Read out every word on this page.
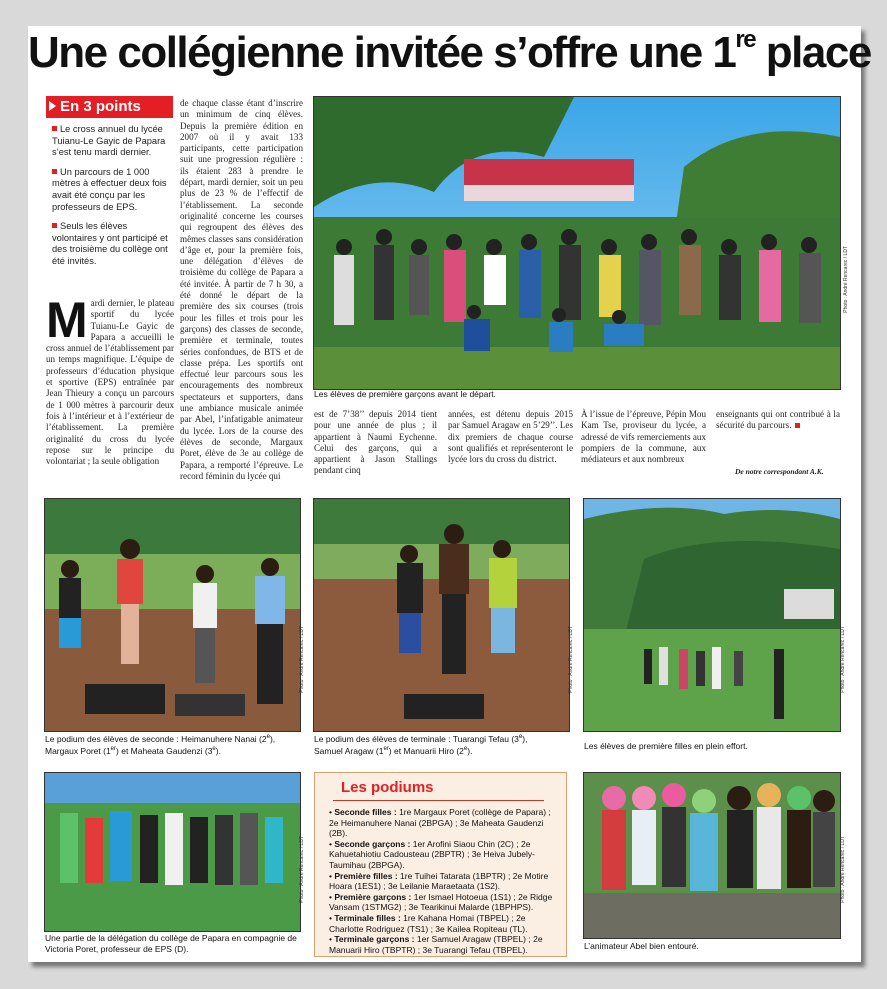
Une collégienne invitée s’offre une 1re place
En 3 points
Le cross annuel du lycée Tuianu-Le Gayic de Papara s’est tenu mardi dernier.
Un parcours de 1 000 mètres à effectuer deux fois avait été conçu par les professeurs de EPS.
Seuls les élèves volontaires y ont participé et des troisième du collège ont été invités.
Mardi dernier, le plateau sportif du lycée Tuianu-Le Gayic de Papara a accueilli le cross annuel de l’établissement par un temps magnifique. L’équipe de professeurs d’éducation physique et sportive (EPS) entraînée par Jean Thieury a conçu un parcours de 1 000 mètres à parcourir deux fois à l’intérieur et à l’extérieur de l’établissement. La première originalité du cross du lycée repose sur le principe du volontariat ; la seule obligation
de chaque classe étant d’inscrire un minimum de cinq élèves. Depuis la première édition en 2007 où il y avait 133 participants, cette participation suit une progression régulière : ils étaient 283 à prendre le départ, mardi dernier, soit un peu plus de 23 % de l’effectif de l’établissement. La seconde originalité concerne les courses qui regroupent des élèves des mêmes classes sans considération d’âge et, pour la première fois, une délégation d’élèves de troisième du collège de Papara a été invitée. À partir de 7 h 30, a été donné le départ de la première des six courses (trois pour les filles et trois pour les garçons) des classes de seconde, première et terminale, toutes séries confondues, de BTS et de classe prépa. Les sportifs ont effectué leur parcours sous les encouragements des nombreux spectateurs et supporters, dans une ambiance musicale animée par Abel, l’infatigable animateur du lycée. Lors de la course des élèves de seconde, Margaux Poret, élève de 3e au collège de Papara, a remporté l’épreuve. Le record féminin du lycée qui
Photo : André Rencarec / LDT
Les élèves de première garçons avant le départ.
est de 7’38’’ depuis 2014 tient pour une année de plus ; il appartient à Naumi Eychenne. Celui des garçons, qui a appartient à Jason Stallings pendant cinq
années, est détenu depuis 2015 par Samuel Aragaw en 5’29’’. Les dix premiers de chaque course sont qualifiés et représenteront le lycée lors du cross du district.
À l’issue de l’épreuve, Pépin Mou Kam Tse, proviseur du lycée, a adressé de vifs remerciements aux pompiers de la commune, aux médiateurs et aux nombreux
enseignants qui ont contribué à la sécurité du parcours.
De notre correspondant A.K.
Photo : André Rencarec / LDT
Le podium des élèves de seconde : Heimanuhere Nanai (2e),
Margaux Poret (1er) et Maheata Gaudenzi (3e).
Photo : André Rencarec / LDT
Le podium des élèves de terminale : Tuarangi Tefau (3e),
Samuel Aragaw (1er) et Manuarii Hiro (2e).
Photo : André Rencarec / LDT
Les élèves de première filles en plein effort.
Photo : André Rencarec / LDT
Une partie de la délégation du collège de Papara en compagnie de Victoria Poret, professeur de EPS (D).
Les podiums
• Seconde filles : 1re Margaux Poret (collège de Papara) ; 2e Heimanuhere Nanai (2BPGA) ; 3e Maheata Gaudenzi (2B).
• Seconde garçons : 1er Arofini Siaou Chin (2C) ; 2e Kahuetahiotiu Cadousteau (2BPTR) ; 3e Heiva Jubely-Taumihau (2BPGA).
• Première filles : 1re Tuihei Tatarata (1BPTR) ; 2e Motire Hoara (1ES1) ; 3e Leilanie Maraetaata (1S2).
• Première garçons : 1er Ismael Hotoeua (1S1) ; 2e Ridge Vansam (1STMG2) ; 3e Tearikinui Malarde (1BPHPS).
• Terminale filles : 1re Kahana Homai (TBPEL) ; 2e Charlotte Rodriguez (TS1) ; 3e Kailea Ropiteau (TL).
• Terminale garçons : 1er Samuel Aragaw (TBPEL) ; 2e Manuarii Hiro (TBPTR) ; 3e Tuarangi Tefau (TBPEL).
Photo : André Rencarec / LDT
L’animateur Abel bien entouré.
